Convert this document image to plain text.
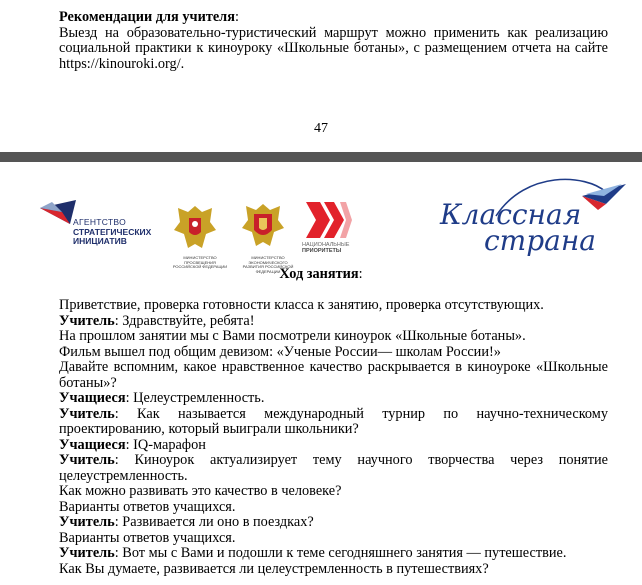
Рекомендации для учителя:
Выезд на образовательно-туристический маршрут можно применить как реализацию
социальной практики к киноуроку «Школьные ботаны», с размещением отчета на сайте
https://kinouroki.org/.
47
АГЕНТСТВО
СТРАТЕГИЧЕСКИХ
ИНИЦИАТИВ
МИНИСТЕРСТВО ПРОСВЕЩЕНИЯ РОССИЙСКОЙ ФЕДЕРАЦИИ
МИНИСТЕРСТВО ЭКОНОМИЧЕСКОГО РАЗВИТИЯ РОССИЙСКОЙ ФЕДЕРАЦИИ
НАЦИОНАЛЬНЫЕ
ПРИОРИТЕТЫ
Классная
страна
Ход занятия:
Приветствие, проверка готовности класса к занятию, проверка отсутствующих.
Учитель: Здравствуйте, ребята!
На прошлом занятии мы с Вами посмотрели киноурок «Школьные ботаны».
Фильм вышел под общим девизом: «Ученые России— школам России!»
Давайте вспомним, какое нравственное качество раскрывается в киноуроке «Школьные
ботаны»?
Учащиеся: Целеустремленность.
Учитель: Как называется международный турнир по научно-техническому
проектированию, который выиграли школьники?
Учащиеся: IQ-марафон
Учитель: Киноурок актуализирует тему научного творчества через понятие
целеустремленность.
Как можно развивать это качество в человеке?
Варианты ответов учащихся.
Учитель: Развивается ли оно в поездках?
Варианты ответов учащихся.
Учитель: Вот мы с Вами и подошли к теме сегодняшнего занятия — путешествие.
Как Вы думаете, развивается ли целеустремленность в путешествиях?
